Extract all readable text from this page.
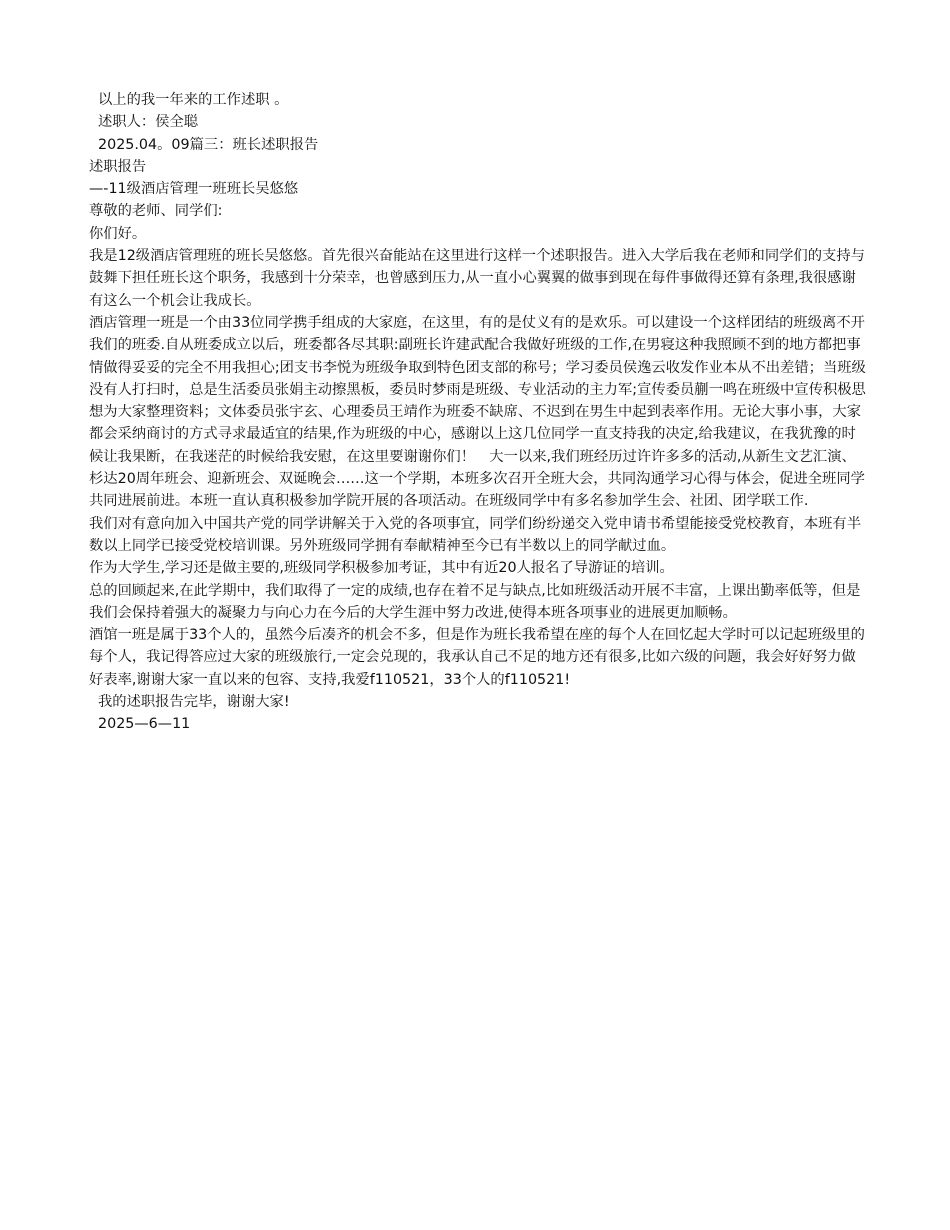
以上的我一年来的工作述职 。
述职人：侯全聪
2025.04。09篇三：班长述职报告
述职报告
—-11级酒店管理一班班长吴悠悠
尊敬的老师、同学们:
你们好。

我是12级酒店管理班的班长吴悠悠。首先很兴奋能站在这里进行这样一个述职报告。进入大学后我在老师和同学们的支持与鼓舞下担任班长这个职务，我感到十分荣幸，也曾感到压力,从一直小心翼翼的做事到现在每件事做得还算有条理,我很感谢有这么一个机会让我成长。

酒店管理一班是一个由33位同学携手组成的大家庭，在这里，有的是仗义有的是欢乐。可以建设一个这样团结的班级离不开我们的班委.自从班委成立以后，班委都各尽其职:副班长许建武配合我做好班级的工作,在男寝这种我照顾不到的地方都把事情做得妥妥的完全不用我担心;团支书李悦为班级争取到特色团支部的称号；学习委员侯逸云收发作业本从不出差错；当班级没有人打扫时，总是生活委员张娟主动擦黑板，委员时梦雨是班级、专业活动的主力军;宣传委员蒯一鸣在班级中宣传积极思想为大家整理资料；文体委员张宇玄、心理委员王靖作为班委不缺席、不迟到在男生中起到表率作用。无论大事小事，大家都会采纳商讨的方式寻求最适宜的结果,作为班级的中心，感谢以上这几位同学一直支持我的决定,给我建议，在我犹豫的时候让我果断，在我迷茫的时候给我安慰，在这里要谢谢你们！　大一以来,我们班经历过许许多多的活动,从新生文艺汇演、杉达20周年班会、迎新班会、双诞晚会……这一个学期，本班多次召开全班大会，共同沟通学习心得与体会，促进全班同学共同进展前进。本班一直认真积极参加学院开展的各项活动。在班级同学中有多名参加学生会、社团、团学联工作.

我们对有意向加入中国共产党的同学讲解关于入党的各项事宜，同学们纷纷递交入党申请书希望能接受党校教育，本班有半数以上同学已接受党校培训课。另外班级同学拥有奉献精神至今已有半数以上的同学献过血。

作为大学生,学习还是做主要的,班级同学积极参加考证，其中有近20人报名了导游证的培训。

总的回顾起来,在此学期中，我们取得了一定的成绩,也存在着不足与缺点,比如班级活动开展不丰富，上课出勤率低等，但是我们会保持着强大的凝聚力与向心力在今后的大学生涯中努力改进,使得本班各项事业的进展更加顺畅。

酒馆一班是属于33个人的，虽然今后凑齐的机会不多，但是作为班长我希望在座的每个人在回忆起大学时可以记起班级里的每个人，我记得答应过大家的班级旅行,一定会兑现的，我承认自己不足的地方还有很多,比如六级的问题，我会好好努力做好表率,谢谢大家一直以来的包容、支持,我爱f110521，33个人的f110521!

我的述职报告完毕，谢谢大家!
2025—6—11
